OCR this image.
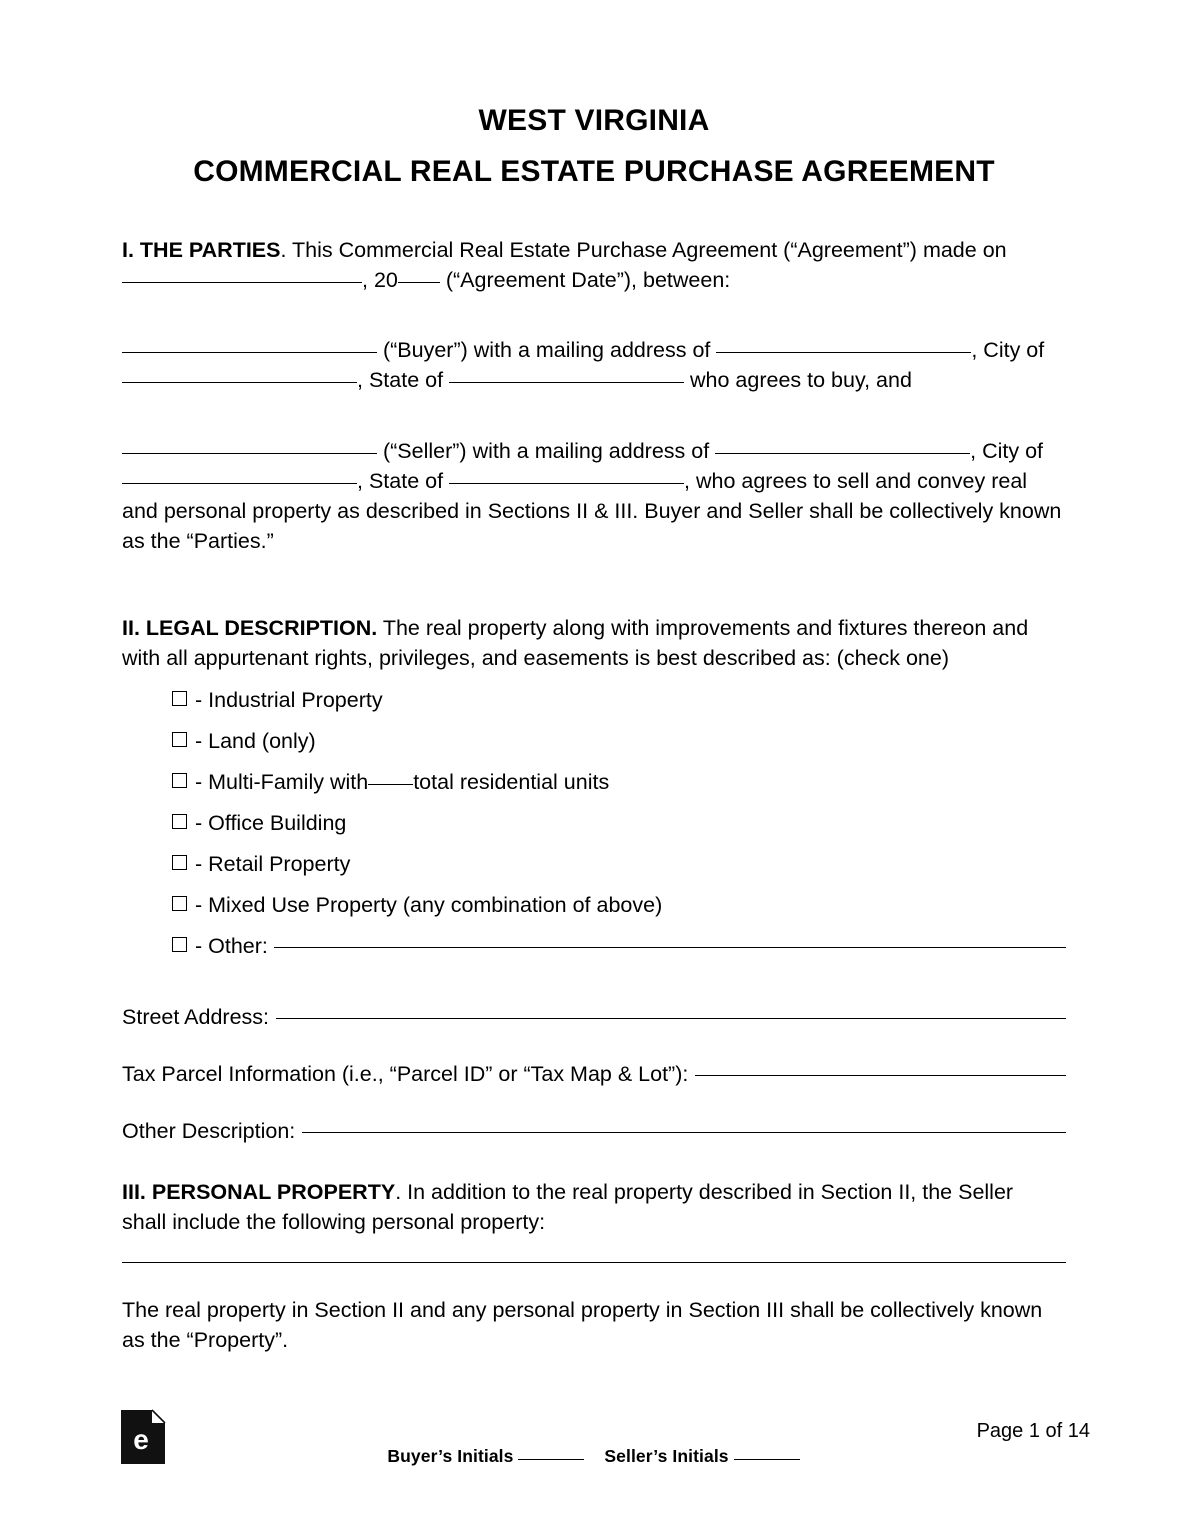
WEST VIRGINIA
COMMERCIAL REAL ESTATE PURCHASE AGREEMENT
I. THE PARTIES. This Commercial Real Estate Purchase Agreement (“Agreement”) made on , 20 (“Agreement Date”), between:
(“Buyer”) with a mailing address of	, City of , State of	who agrees to buy, and
(“Seller”) with a mailing address of	, City of , State of	, who agrees to sell and convey real and personal property as described in Sections II & III. Buyer and Seller shall be collectively known as the “Parties.”
II. LEGAL DESCRIPTION. The real property along with improvements and fixtures thereon and with all appurtenant rights, privileges, and easements is best described as: (check one)
- Industrial Property
- Land (only)
- Multi-Family with total residential units
- Office Building
- Retail Property
- Mixed Use Property (any combination of above)
- Other:
Street Address:
Tax Parcel Information (i.e., “Parcel ID” or “Tax Map & Lot”):
Other Description:
III. PERSONAL PROPERTY. In addition to the real property described in Section II, the Seller shall include the following personal property:
The real property in Section II and any personal property in Section III shall be collectively known as the “Property”.
e	Page 1 of 14
Buyer’s Initials	Seller’s Initials
